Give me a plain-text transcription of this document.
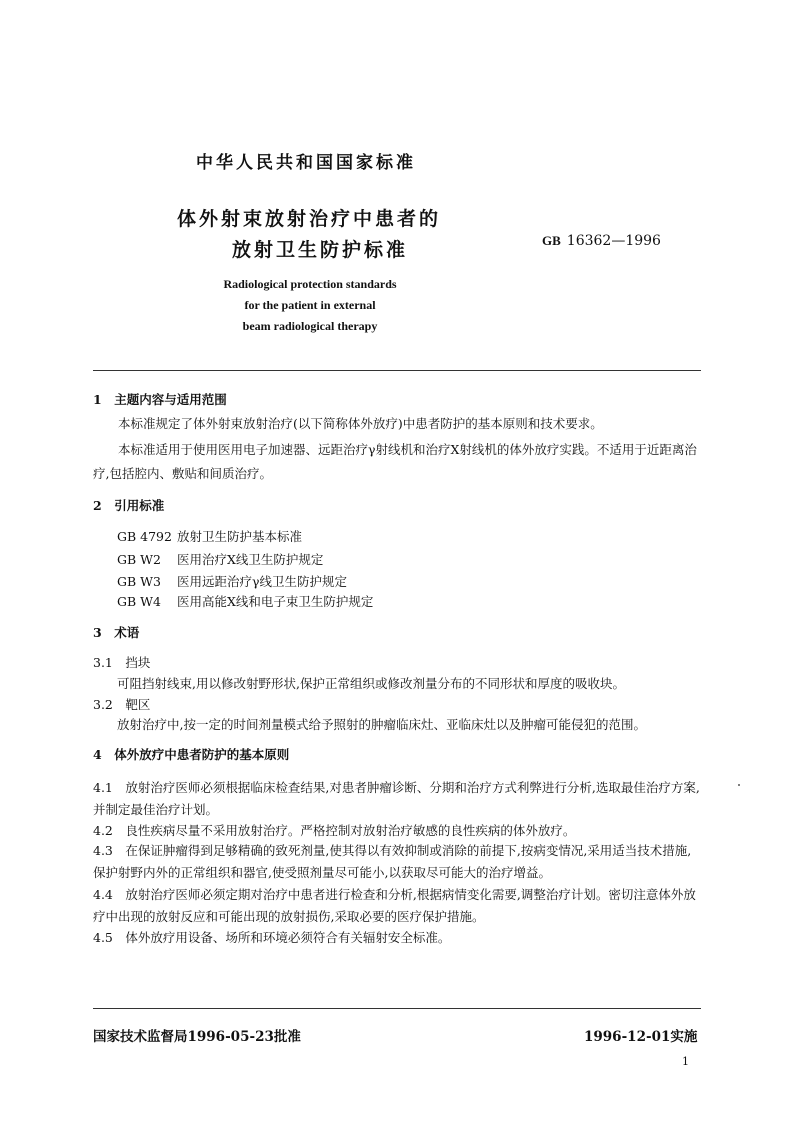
中华人民共和国国家标准
体外射束放射治疗中患者的
放射卫生防护标准	GB 16362—1996
Radiological protection standards
for the patient in external
beam radiological therapy
1　主题内容与适用范围
本标准规定了体外射束放射治疗(以下简称体外放疗)中患者防护的基本原则和技术要求。
本标准适用于使用医用电子加速器、远距治疗γ射线机和治疗X射线机的体外放疗实践。不适用于近距离治疗,包括腔内、敷贴和间质治疗。
2　引用标准
GB 4792 放射卫生防护基本标准
GB W2 医用治疗X线卫生防护规定
GB W3 医用远距治疗γ线卫生防护规定
GB W4 医用高能X线和电子束卫生防护规定
3　术语
3.1　挡块
可阻挡射线束,用以修改射野形状,保护正常组织或修改剂量分布的不同形状和厚度的吸收块。
3.2　靶区
放射治疗中,按一定的时间剂量模式给予照射的肿瘤临床灶、亚临床灶以及肿瘤可能侵犯的范围。
4　体外放疗中患者防护的基本原则
4.1　放射治疗医师必须根据临床检查结果,对患者肿瘤诊断、分期和治疗方式利弊进行分析,选取最佳治疗方案,并制定最佳治疗计划。
4.2　良性疾病尽量不采用放射治疗。严格控制对放射治疗敏感的良性疾病的体外放疗。
4.3　在保证肿瘤得到足够精确的致死剂量,使其得以有效抑制或消除的前提下,按病变情况,采用适当技术措施,保护射野内外的正常组织和器官,使受照剂量尽可能小,以获取尽可能大的治疗增益。
4.4　放射治疗医师必须定期对治疗中患者进行检查和分析,根据病情变化需要,调整治疗计划。密切注意体外放疗中出现的放射反应和可能出现的放射损伤,采取必要的医疗保护措施。
4.5　体外放疗用设备、场所和环境必须符合有关辐射安全标准。
国家技术监督局1996-05-23批准	1996-12-01实施
1
